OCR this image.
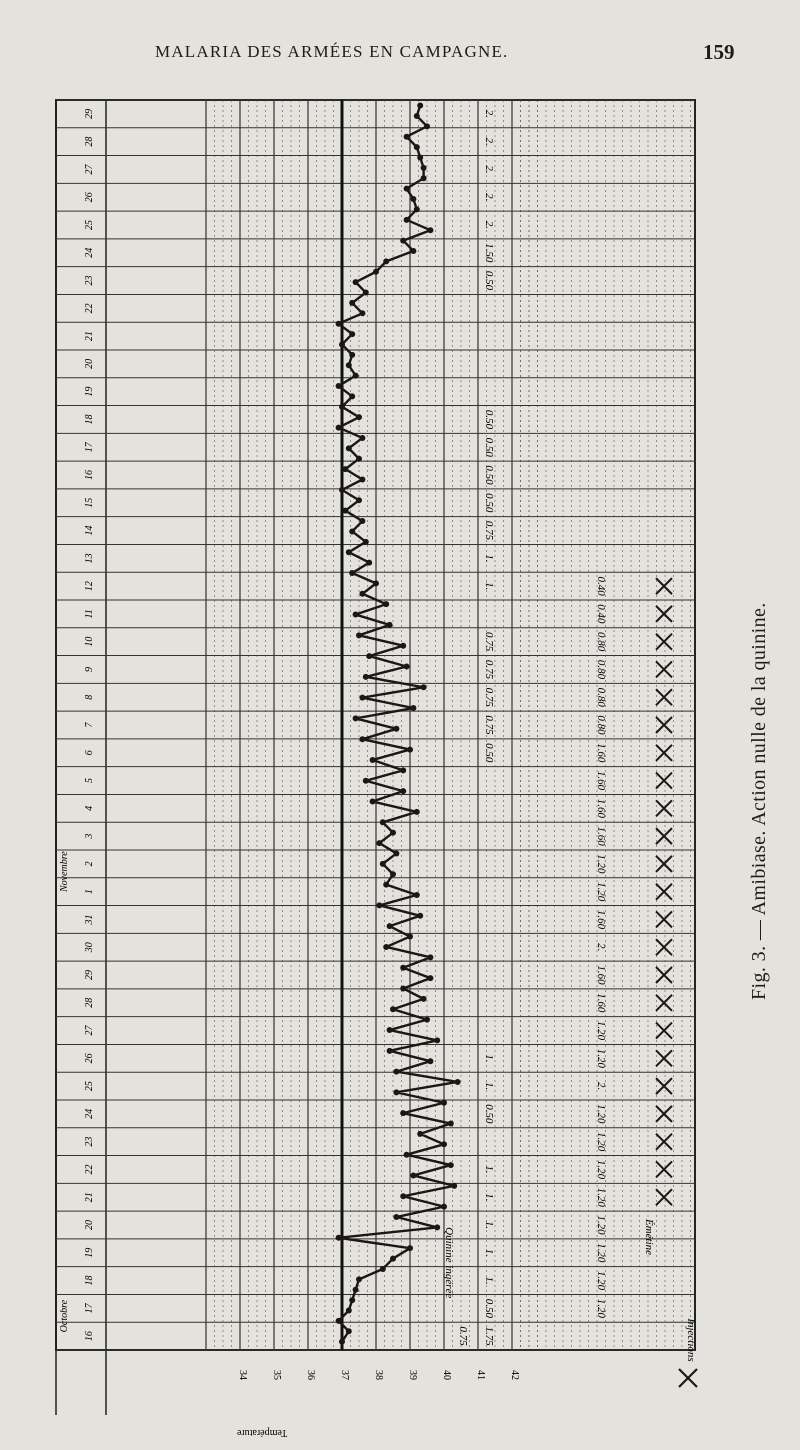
MALARIA DES ARMÉES EN CAMPAGNE.	159
34 35 36 37 38 39 40 41 42
Température
16
17
18
19
20
21
22
23
24
25
26
27
28
29
30
31
1
2
3
4
5
6
7
8
9
10
11
12
13
14
15
16
17
18
19
20
21
22
23
24
25
26
27
28
29
Octobre
Novembre
0.75 1.75
0.50
1.
1.
1.
1.
1.
0.50
1.
1.
0.50
0.75
0.75
0.75
0.75
1.
1.
0.75
0.50
0.50
0.50
0.50
0.50
1.50
2.
2.
2.
2.
2.
1.20
1.20
1.20
1.20
1.20
1.20
1.20
1.20
2.
1.20
1.20
1.60
1.60
2.
1.60
1.20
1.20
1.60
1.60
1.60
1.60
0.80
0.80
0.80
0.80
0.40
0.40
Quinine ingérée	Émétine
Injections
Fig. 3. — Amibiase. Action nulle de la quinine.
